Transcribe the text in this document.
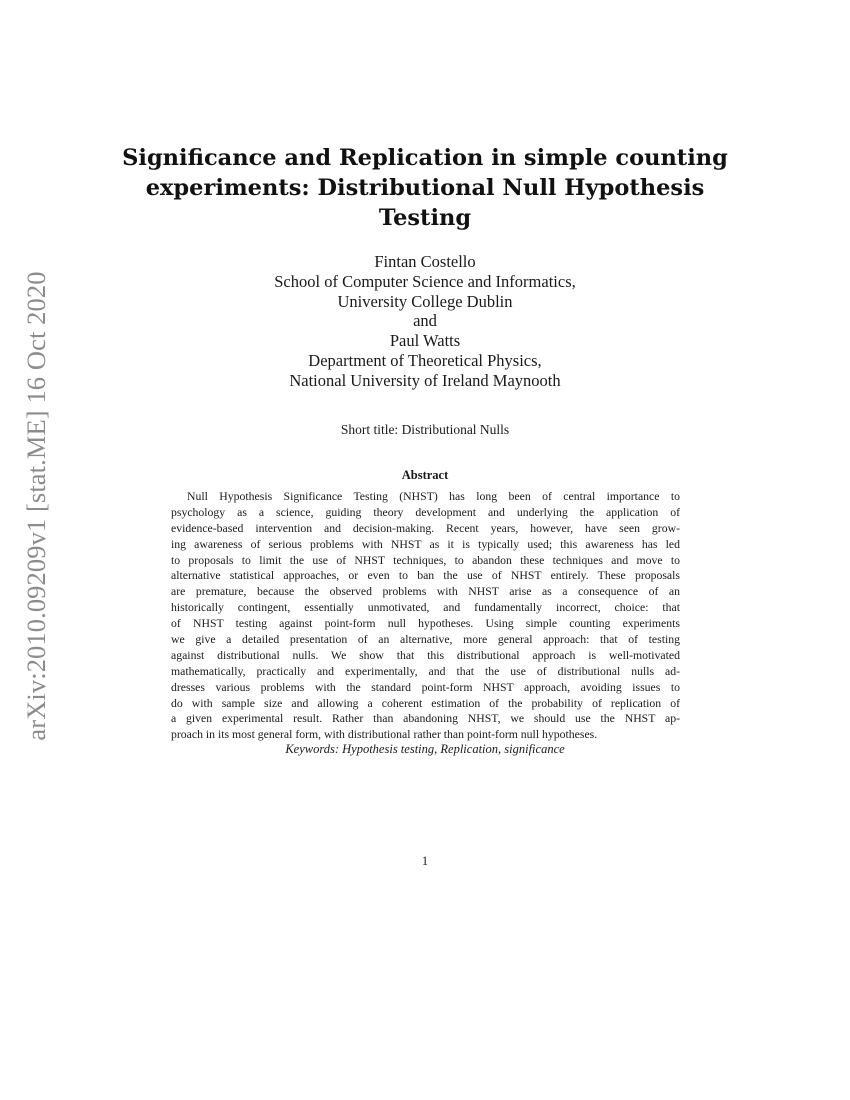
arXiv:2010.09209v1 [stat.ME] 16 Oct 2020
Significance and Replication in simple counting
experiments: Distributional Null Hypothesis
Testing
Fintan Costello
School of Computer Science and Informatics,
University College Dublin
and
Paul Watts
Department of Theoretical Physics,
National University of Ireland Maynooth
Short title: Distributional Nulls
Abstract
Null Hypothesis Significance Testing (NHST) has long been of central importance to
psychology as a science, guiding theory development and underlying the application of
evidence-based intervention and decision-making. Recent years, however, have seen grow-
ing awareness of serious problems with NHST as it is typically used; this awareness has led
to proposals to limit the use of NHST techniques, to abandon these techniques and move to
alternative statistical approaches, or even to ban the use of NHST entirely. These proposals
are premature, because the observed problems with NHST arise as a consequence of an
historically contingent, essentially unmotivated, and fundamentally incorrect, choice: that
of NHST testing against point-form null hypotheses. Using simple counting experiments
we give a detailed presentation of an alternative, more general approach: that of testing
against distributional nulls. We show that this distributional approach is well-motivated
mathematically, practically and experimentally, and that the use of distributional nulls ad-
dresses various problems with the standard point-form NHST approach, avoiding issues to
do with sample size and allowing a coherent estimation of the probability of replication of
a given experimental result. Rather than abandoning NHST, we should use the NHST ap-
proach in its most general form, with distributional rather than point-form null hypotheses.
Keywords: Hypothesis testing, Replication, significance
1
